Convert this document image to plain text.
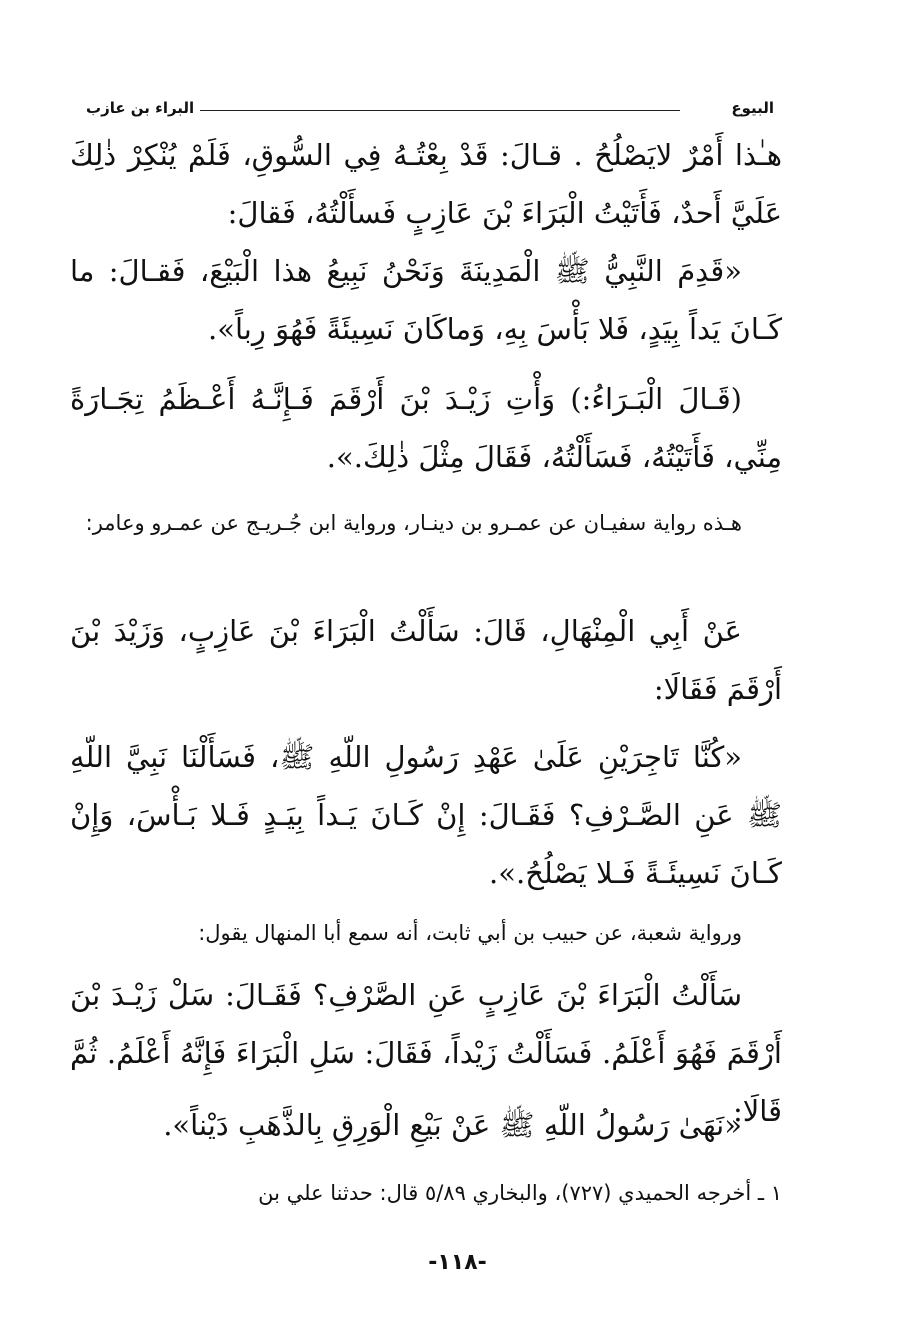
البيوع
البراء بن عازب
هـٰذا أَمْرٌ لايَصْلُحُ . قـالَ: قَدْ بِعْتُـهُ فِي السُّوقِ، فَلَمْ يُنْكِرْ ذٰلِكَ عَلَيَّ أَحدٌ، فَأَتَيْتُ الْبَرَاءَ بْنَ عَازِبٍ فَسأَلْتُهُ، فَقالَ:
«قَدِمَ النَّبِيُّ ﷺ الْمَدِينَةَ وَنَحْنُ نَبِيعُ هذا الْبَيْعَ، فَقـالَ: ما كَـانَ يَداً بِيَدٍ، فَلا بَأْسَ بِهِ، وَماكَانَ نَسِيئَةً فَهُوَ رِباً».
(قَـالَ الْبَـرَاءُ:) وَأْتِ زَيْـدَ بْنَ أَرْقَمَ فَـإِنَّـهُ أَعْـظَمُ تِجَـارَةً مِنِّي، فَأَتَيْتُهُ، فَسَأَلْتُهُ، فَقَالَ مِثْلَ ذٰلِكَ.».
هـذه رواية سفيـان عن عمـرو بن دينـار، ورواية ابن جُـريـج عن عمـرو وعامر:
عَنْ أَبِي الْمِنْهَالِ، قَالَ: سَأَلْتُ الْبَرَاءَ بْنَ عَازِبٍ، وَزَيْدَ بْنَ أَرْقَمَ فَقَالَا:
«كُنَّا تَاجِرَيْنِ عَلَىٰ عَهْدِ رَسُولِ اللّهِ ﷺ، فَسَأَلْنَا نَبِيَّ اللّهِ ﷺ عَنِ الصَّـرْفِ؟ فَقَـالَ: إِنْ كَـانَ يَـداً بِيَـدٍ فَـلا بَـأْسَ، وَإِنْ كَـانَ نَسِيئَـةً فَـلا يَصْلُحُ.».
ورواية شعبة، عن حبيب بن أبي ثابت، أنه سمع أبا المنهال يقول:
سَأَلْتُ الْبَرَاءَ بْنَ عَازِبٍ عَنِ الصَّرْفِ؟ فَقَـالَ: سَلْ زَيْـدَ بْنَ أَرْقَمَ فَهُوَ أَعْلَمُ. فَسَأَلْتُ زَيْداً، فَقَالَ: سَلِ الْبَرَاءَ فَإِنَّهُ أَعْلَمُ. ثُمَّ قَالَا:
«نَهَىٰ رَسُولُ اللّهِ ﷺ عَنْ بَيْعِ الْوَرِقِ بِالذَّهَبِ دَيْناً».
١ ـ أخرجه الحميدي (٧٢٧)، والبخاري ٥/٨٩ قال: حدثنا علي بن
-١١٨-
